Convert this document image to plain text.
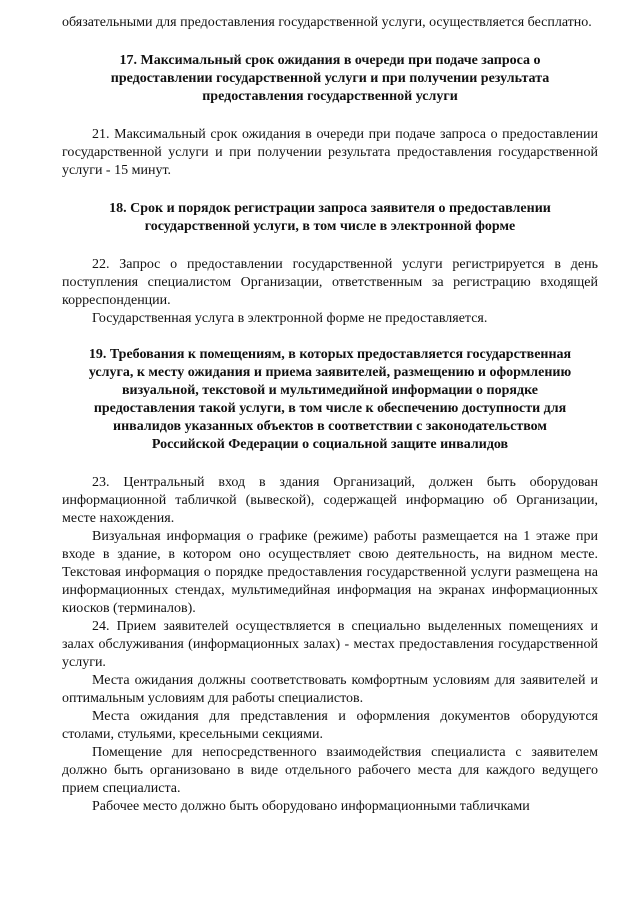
обязательными для предоставления государственной услуги, осуществляется бесплатно.

17. Максимальный срок ожидания в очереди при подаче запроса о предоставлении государственной услуги и при получении результата предоставления государственной услуги

21. Максимальный срок ожидания в очереди при подаче запроса о предоставлении государственной услуги и при получении результата предоставления государственной услуги - 15 минут.

18. Срок и порядок регистрации запроса заявителя о предоставлении государственной услуги, в том числе в электронной форме

22. Запрос о предоставлении государственной услуги регистрируется в день поступления специалистом Организации, ответственным за регистрацию входящей корреспонденции.

Государственная услуга в электронной форме не предоставляется.

19. Требования к помещениям, в которых предоставляется государственная услуга, к месту ожидания и приема заявителей, размещению и оформлению визуальной, текстовой и мультимедийной информации о порядке предоставления такой услуги, в том числе к обеспечению доступности для инвалидов указанных объектов в соответствии с законодательством Российской Федерации о социальной защите инвалидов

23. Центральный вход в здания Организаций, должен быть оборудован информационной табличкой (вывеской), содержащей информацию об Организации, месте нахождения.

Визуальная информация о графике (режиме) работы размещается на 1 этаже при входе в здание, в котором оно осуществляет свою деятельность, на видном месте. Текстовая информация о порядке предоставления государственной услуги размещена на информационных стендах, мультимедийная информация на экранах информационных киосков (терминалов).

24. Прием заявителей осуществляется в специально выделенных помещениях и залах обслуживания (информационных залах) - местах предоставления государственной услуги.

Места ожидания должны соответствовать комфортным условиям для заявителей и оптимальным условиям для работы специалистов.

Места ожидания для представления и оформления документов оборудуются столами, стульями, кресельными секциями.

Помещение для непосредственного взаимодействия специалиста с заявителем должно быть организовано в виде отдельного рабочего места для каждого ведущего прием специалиста.

Рабочее место должно быть оборудовано информационными табличками
